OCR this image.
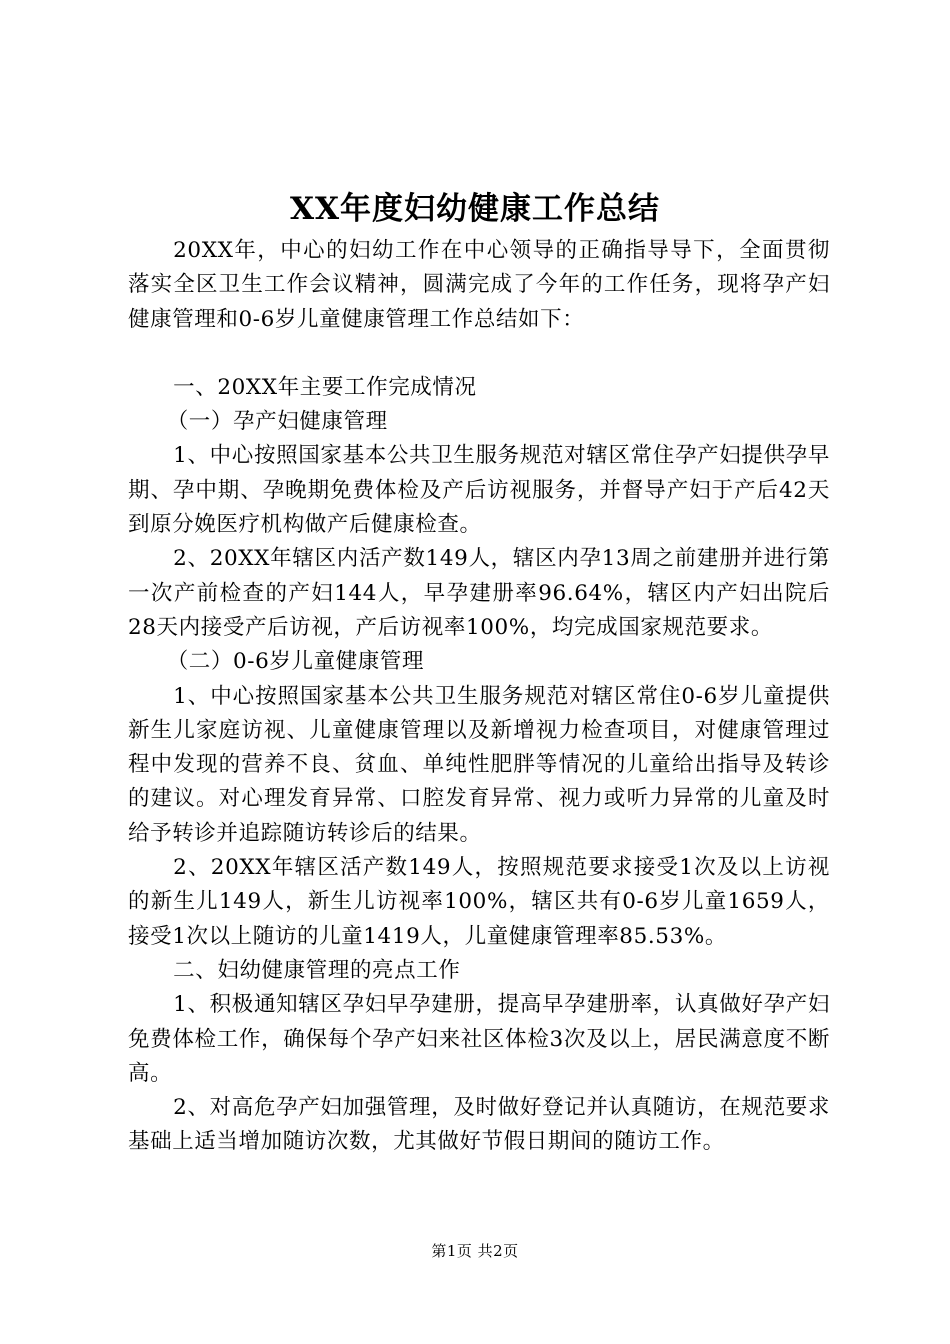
XX年度妇幼健康工作总结

20XX年，中心的妇幼工作在中心领导的正确指导导下，全面贯彻落实全区卫生工作会议精神，圆满完成了今年的工作任务，现将孕产妇健康管理和0-6岁儿童健康管理工作总结如下：

一、20XX年主要工作完成情况

（一）孕产妇健康管理

1、中心按照国家基本公共卫生服务规范对辖区常住孕产妇提供孕早期、孕中期、孕晚期免费体检及产后访视服务，并督导产妇于产后42天到原分娩医疗机构做产后健康检查。

2、20XX年辖区内活产数149人，辖区内孕13周之前建册并进行第一次产前检查的产妇144人，早孕建册率96.64%，辖区内产妇出院后28天内接受产后访视，产后访视率100%，均完成国家规范要求。

（二）0-6岁儿童健康管理

1、中心按照国家基本公共卫生服务规范对辖区常住0-6岁儿童提供新生儿家庭访视、儿童健康管理以及新增视力检查项目，对健康管理过程中发现的营养不良、贫血、单纯性肥胖等情况的儿童给出指导及转诊的建议。对心理发育异常、口腔发育异常、视力或听力异常的儿童及时给予转诊并追踪随访转诊后的结果。

2、20XX年辖区活产数149人，按照规范要求接受1次及以上访视的新生儿149人，新生儿访视率100%，辖区共有0-6岁儿童1659人，接受1次以上随访的儿童1419人，儿童健康管理率85.53%。

二、妇幼健康管理的亮点工作

1、积极通知辖区孕妇早孕建册，提高早孕建册率，认真做好孕产妇免费体检工作，确保每个孕产妇来社区体检3次及以上，居民满意度不断高。

2、对高危孕产妇加强管理，及时做好登记并认真随访，在规范要求基础上适当增加随访次数，尤其做好节假日期间的随访工作。

第1页 共2页
